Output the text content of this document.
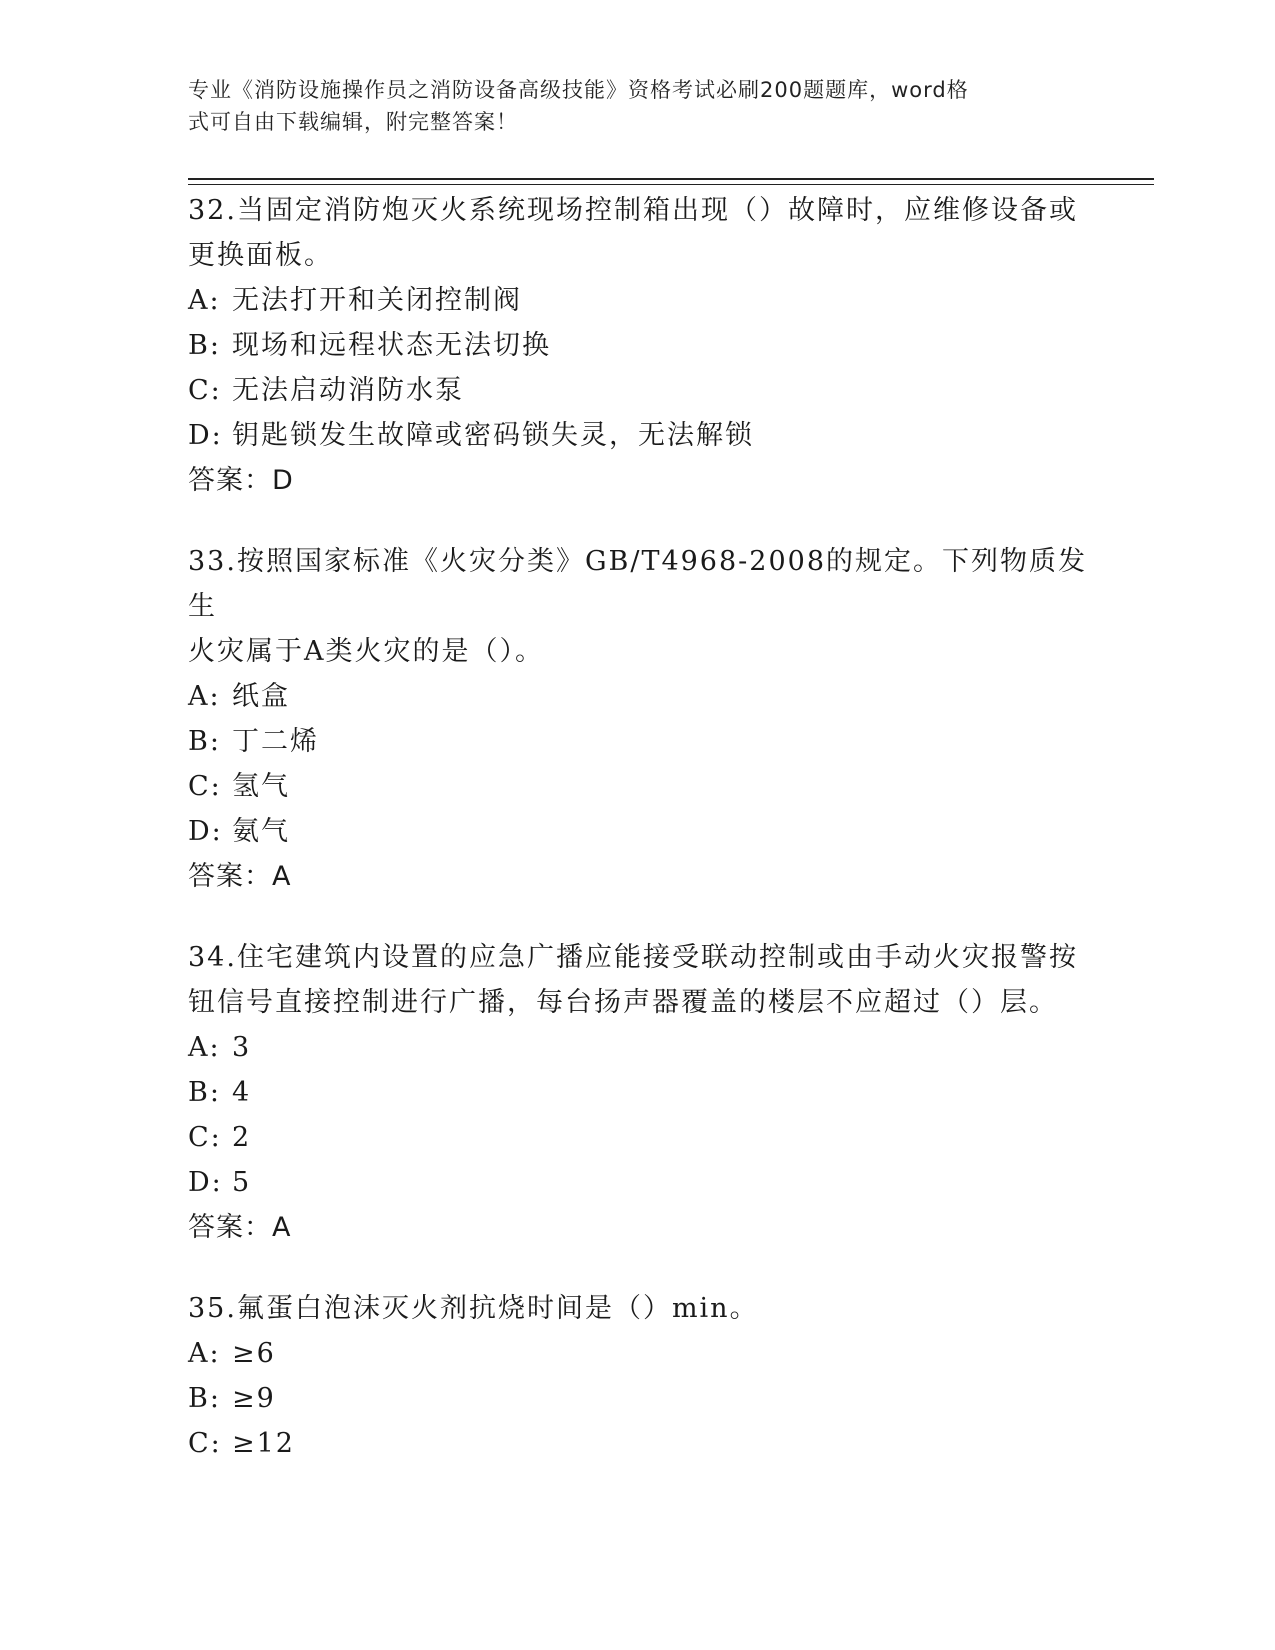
专业《消防设施操作员之消防设备高级技能》资格考试必刷200题题库，word格
式可自由下载编辑，附完整答案！
32.当固定消防炮灭火系统现场控制箱出现（）故障时，应维修设备或
更换面板。
A: 无法打开和关闭控制阀
B: 现场和远程状态无法切换
C: 无法启动消防水泵
D: 钥匙锁发生故障或密码锁失灵，无法解锁
答案：D
33.按照国家标准《火灾分类》GB/T4968-2008的规定。下列物质发生
火灾属于A类火灾的是（）。
A: 纸盒
B: 丁二烯
C: 氢气
D: 氨气
答案：A
34.住宅建筑内设置的应急广播应能接受联动控制或由手动火灾报警按
钮信号直接控制进行广播，每台扬声器覆盖的楼层不应超过（）层。
A: 3
B: 4
C: 2
D: 5
答案：A
35.氟蛋白泡沫灭火剂抗烧时间是（）min。
A: ≥6
B: ≥9
C: ≥12
